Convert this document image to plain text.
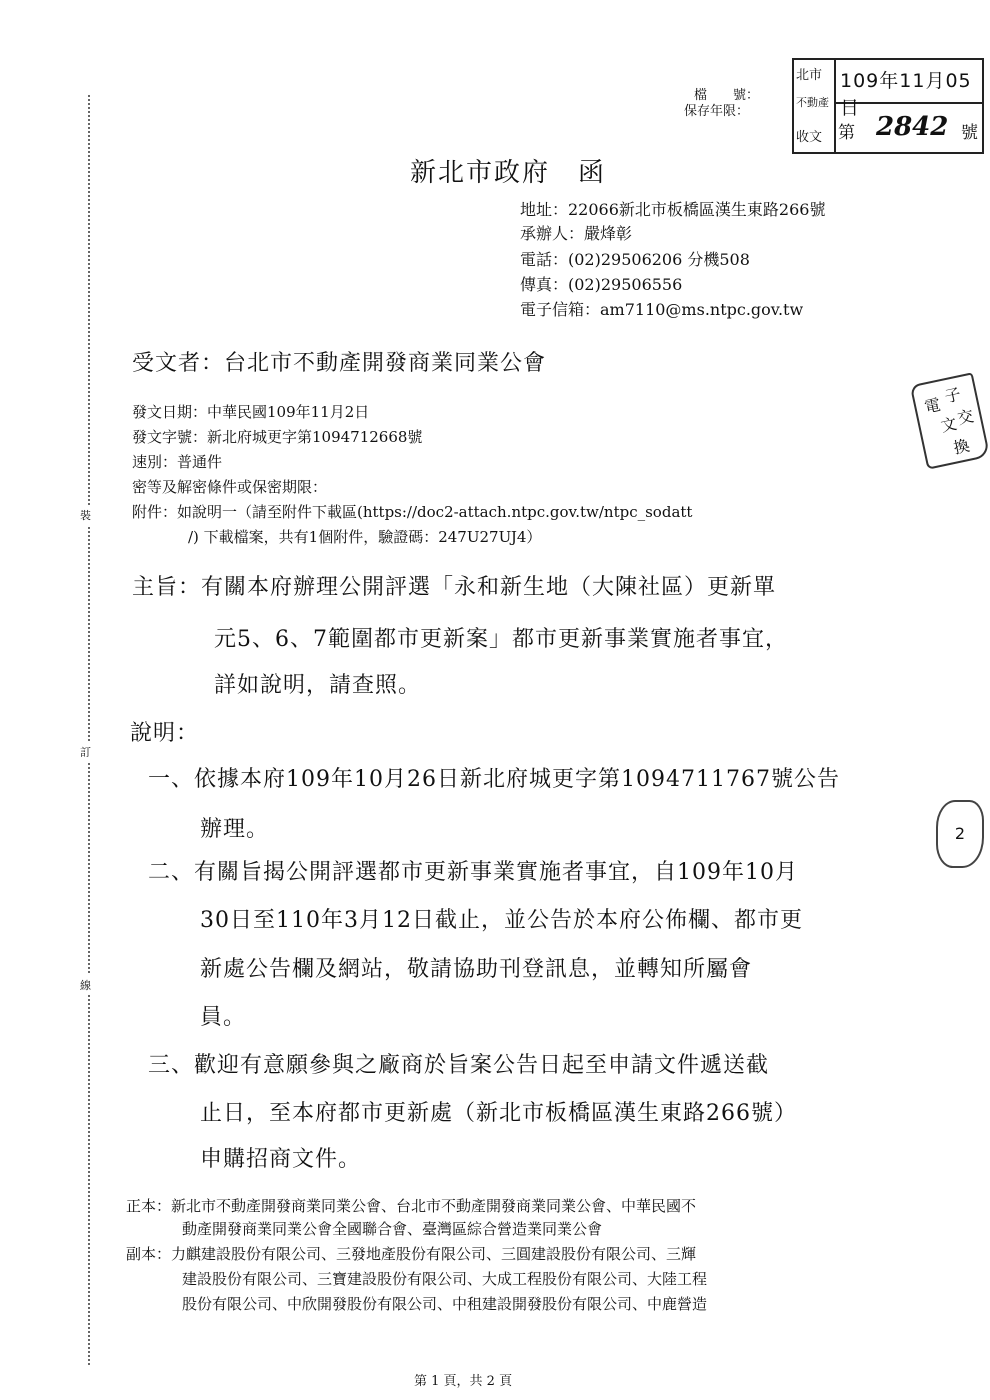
裝
訂
線
檔　　號：
保存年限：
北市
不動產
收文
109年11月05日
第 2842 號
新北市政府　函
地址：22066新北市板橋區漢生東路266號
承辦人：嚴烽彰
電話：(02)29506206 分機508
傳真：(02)29506556
電子信箱：am7110@ms.ntpc.gov.tw
受文者：台北市不動產開發商業同業公會
發文日期：中華民國109年11月2日
發文字號：新北府城更字第1094712668號
速別：普通件
密等及解密條件或保密期限：
附件：如說明一（請至附件下載區(https://doc2-attach.ntpc.gov.tw/ntpc_sodatt
/) 下載檔案，共有1個附件，驗證碼：247U27UJ4）
主旨：有關本府辦理公開評選「永和新生地（大陳社區）更新單
元5、6、7範圍都市更新案」都市更新事業實施者事宜，
詳如說明，請查照。
說明：
一、依據本府109年10月26日新北府城更字第1094711767號公告
辦理。
二、有關旨揭公開評選都市更新事業實施者事宜，自109年10月
30日至110年3月12日截止，並公告於本府公佈欄、都市更
新處公告欄及網站，敬請協助刊登訊息，並轉知所屬會
員。
三、歡迎有意願參與之廠商於旨案公告日起至申請文件遞送截
止日，至本府都市更新處（新北市板橋區漢生東路266號）
申購招商文件。
正本：新北市不動產開發商業同業公會、台北市不動產開發商業同業公會、中華民國不
動產開發商業同業公會全國聯合會、臺灣區綜合營造業同業公會
副本：力麒建設股份有限公司、三發地產股份有限公司、三圓建設股份有限公司、三輝
建設股份有限公司、三寶建設股份有限公司、大成工程股份有限公司、大陸工程
股份有限公司、中欣開發股份有限公司、中租建設開發股份有限公司、中鹿營造
電 子
交
文
換
2
第 1 頁，共 2 頁
